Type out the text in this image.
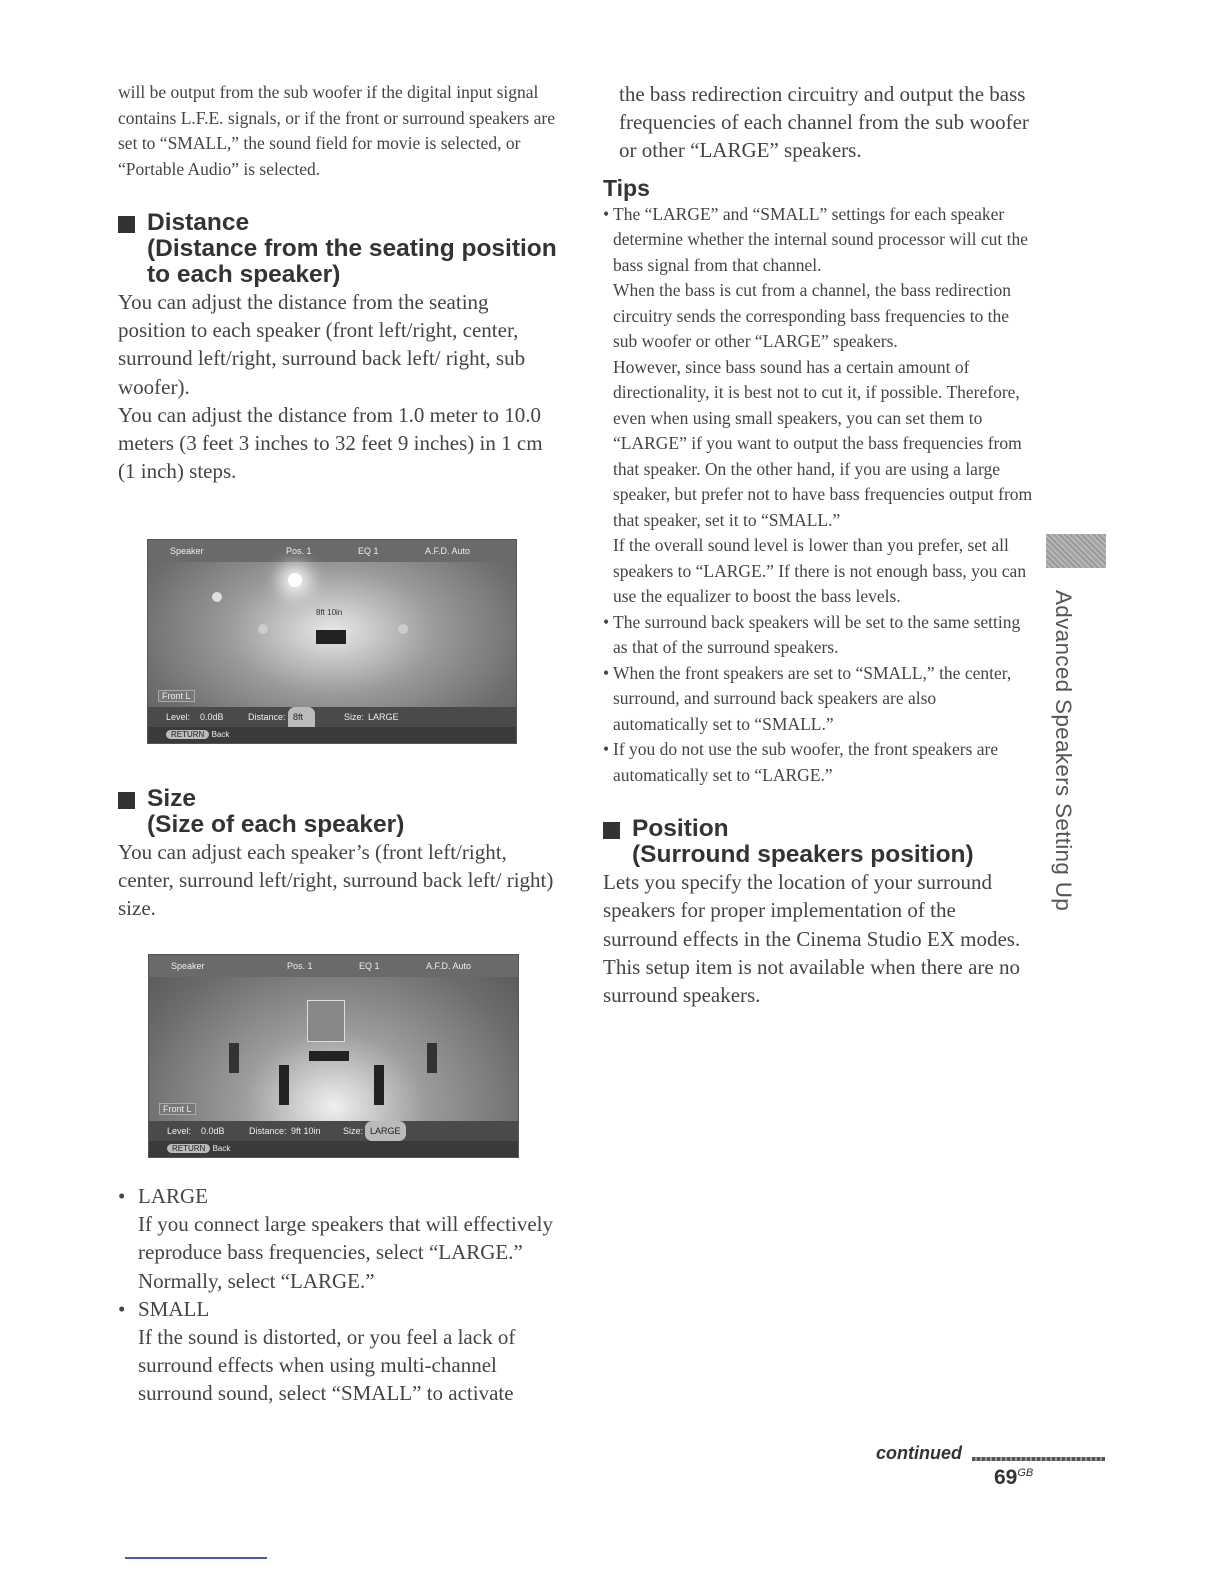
will be output from the sub woofer if the digital input signal contains L.F.E. signals, or if the front or surround speakers are set to “SMALL,” the sound field for movie is selected, or “Portable Audio” is selected.

Distance
(Distance from the seating position to each speaker)

You can adjust the distance from the seating position to each speaker (front left/right, center, surround left/right, surround back left/ right, sub woofer).

You can adjust the distance from 1.0 meter to 10.0 meters (3 feet 3 inches to 32 feet 9 inches) in 1 cm (1 inch) steps.

Speaker	Pos. 1	EQ 1	A.F.D. Auto
8ft 10in
Front L
Level: 0.0dB	Distance: 8ft	Size: LARGE
RETURN Back
Size
(Size of each speaker)

You can adjust each speaker’s (front left/right, center, surround left/right, surround back left/ right) size.

Speaker	Pos. 1	EQ 1	A.F.D. Auto
Front L
Level: 0.0dB	Distance: 9ft 10in Size: LARGE
RETURN Back
• LARGE

If you connect large speakers that will effectively reproduce bass frequencies, select “LARGE.” Normally, select “LARGE.”

• SMALL

If the sound is distorted, or you feel a lack of surround effects when using multi-channel surround sound, select “SMALL” to activate

the bass redirection circuitry and output the bass frequencies of each channel from the sub woofer or other “LARGE” speakers.

Tips

• The “LARGE” and “SMALL” settings for each speaker determine whether the internal sound processor will cut the bass signal from that channel.

When the bass is cut from a channel, the bass redirection circuitry sends the corresponding bass frequencies to the sub woofer or other “LARGE” speakers.

However, since bass sound has a certain amount of directionality, it is best not to cut it, if possible. Therefore, even when using small speakers, you can set them to “LARGE” if you want to output the bass frequencies from that speaker. On the other hand, if you are using a large speaker, but prefer not to have bass frequencies output from that speaker, set it to “SMALL.”

If the overall sound level is lower than you prefer, set all speakers to “LARGE.” If there is not enough bass, you can use the equalizer to boost the bass levels.

• The surround back speakers will be set to the same setting as that of the surround speakers.

• When the front speakers are set to “SMALL,” the center, surround, and surround back speakers are also automatically set to “SMALL.”

• If you do not use the sub woofer, the front speakers are automatically set to “LARGE.”

Position
(Surround speakers position)

Lets you specify the location of your surround speakers for proper implementation of the surround effects in the Cinema Studio EX modes. This setup item is not available when there are no surround speakers.

Advanced Speakers Setting Up
continued
$69^{GB}$
